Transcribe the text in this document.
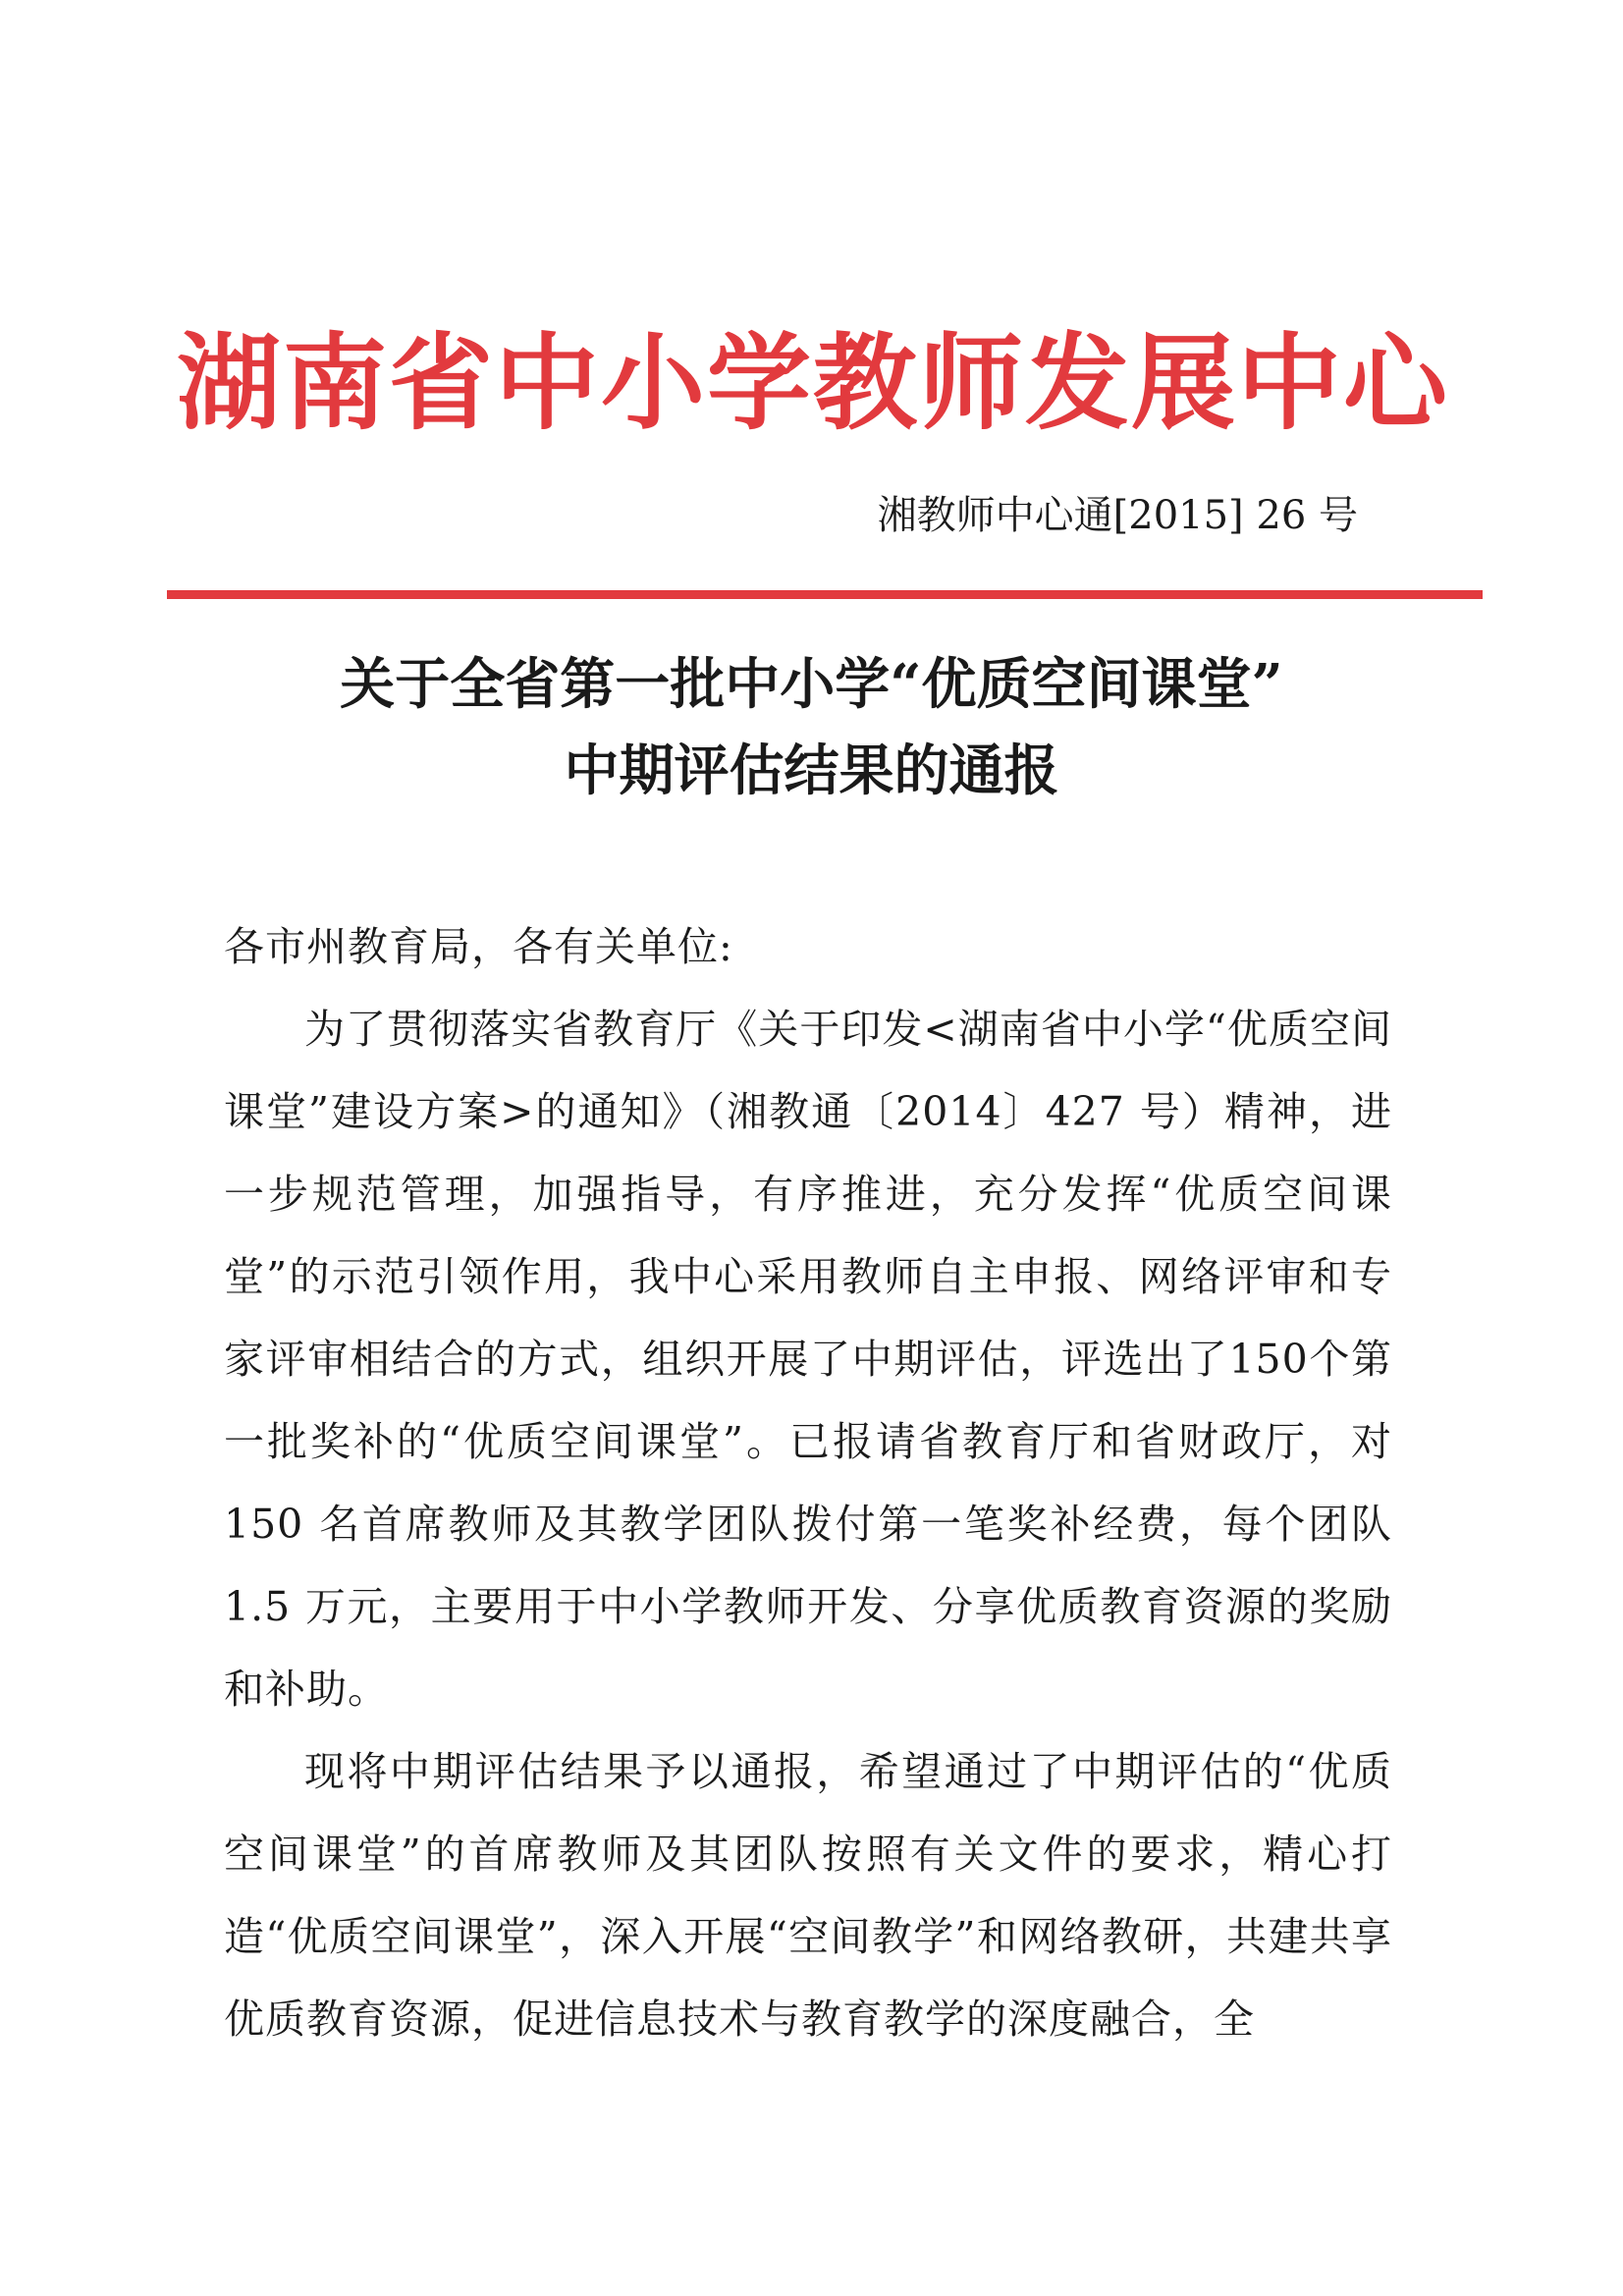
湖南省中小学教师发展中心
湘教师中心通[2015] 26 号
关于全省第一批中小学“优质空间课堂”
中期评估结果的通报

各市州教育局，各有关单位:

为了贯彻落实省教育厅《关于印发<湖南省中小学“优质空间课堂”建设方案>的通知》（湘教通〔2014〕427 号）精神，进一步规范管理，加强指导，有序推进，充分发挥“优质空间课堂”的示范引领作用，我中心采用教师自主申报、网络评审和专家评审相结合的方式，组织开展了中期评估，评选出了150个第一批奖补的“优质空间课堂”。已报请省教育厅和省财政厅，对 150 名首席教师及其教学团队拨付第一笔奖补经费，每个团队 1.5 万元，主要用于中小学教师开发、分享优质教育资源的奖励和补助。

现将中期评估结果予以通报，希望通过了中期评估的“优质空间课堂”的首席教师及其团队按照有关文件的要求，精心打造“优质空间课堂”，深入开展“空间教学”和网络教研，共建共享优质教育资源，促进信息技术与教育教学的深度融合，全
